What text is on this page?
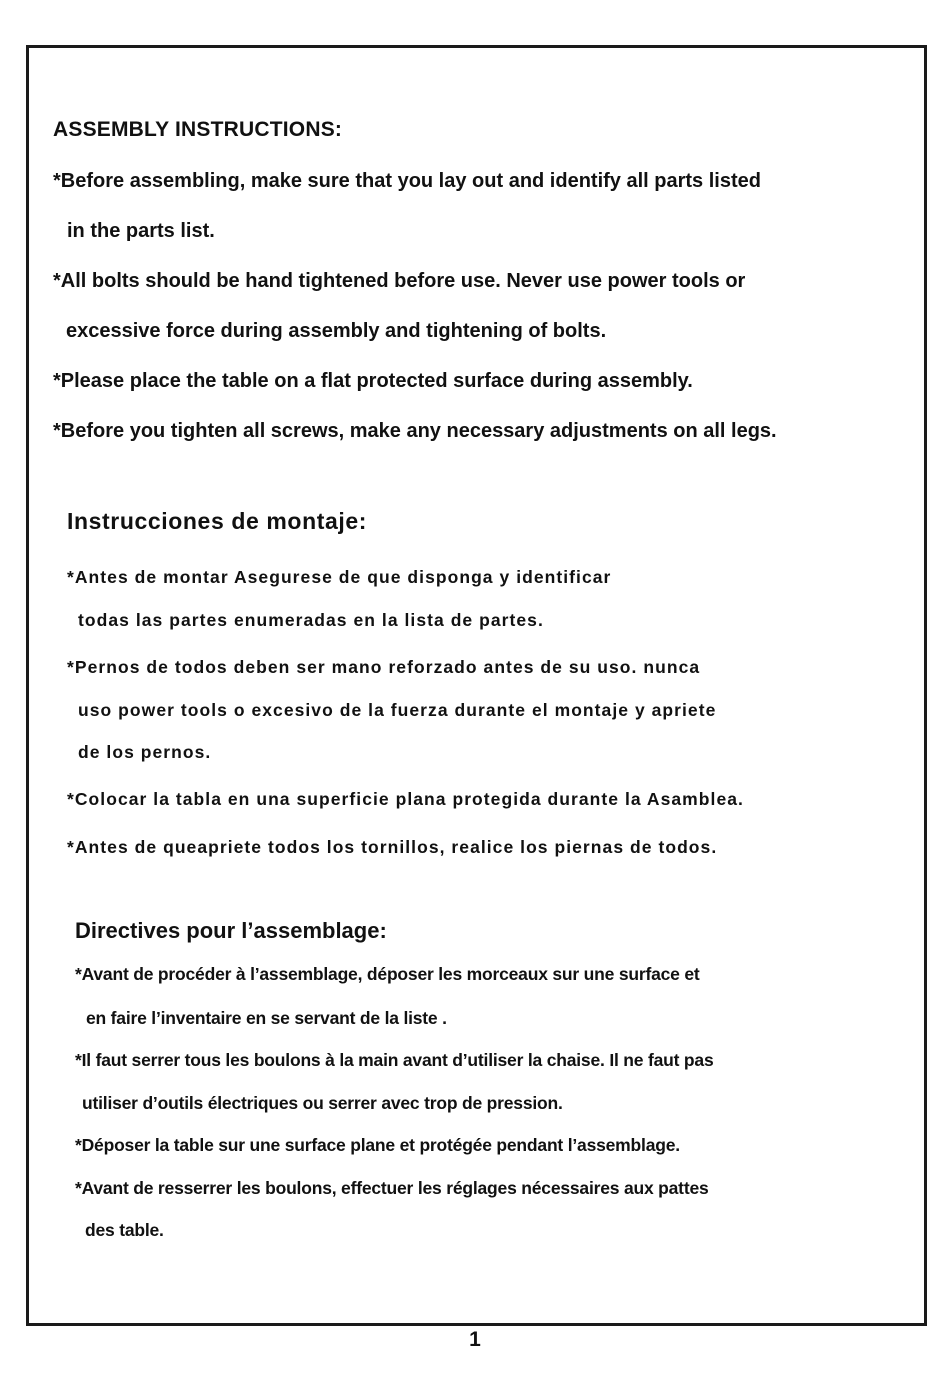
ASSEMBLY INSTRUCTIONS:
*Before assembling, make sure that you lay out and identify all parts listed
in the parts list.
*All bolts should be hand tightened before use. Never use power tools or
excessive force during assembly and tightening of bolts.
*Please place the table on a flat protected surface during assembly.
*Before you tighten all screws, make any necessary adjustments on all legs.
Instrucciones de montaje:
*Antes de montar Asegurese de que disponga y identificar
todas las partes enumeradas en la lista de partes.
*Pernos de todos deben ser mano reforzado antes de su uso. nunca
uso power tools o excesivo de la fuerza durante el montaje y apriete
de los pernos.
*Colocar la tabla en una superficie plana protegida durante la Asamblea.
*Antes de queapriete todos los tornillos, realice los piernas de todos.
Directives pour l’assemblage:
*Avant de procéder à l’assemblage, déposer les morceaux sur une surface et
en faire l’inventaire en se servant de la liste .
*Il faut serrer tous les boulons à la main avant d’utiliser la chaise. Il ne faut pas
utiliser d’outils électriques ou serrer avec trop de pression.
*Déposer la table sur une surface plane et protégée pendant l’assemblage.
*Avant de resserrer les boulons, effectuer les réglages nécessaires aux pattes
des table.
1
